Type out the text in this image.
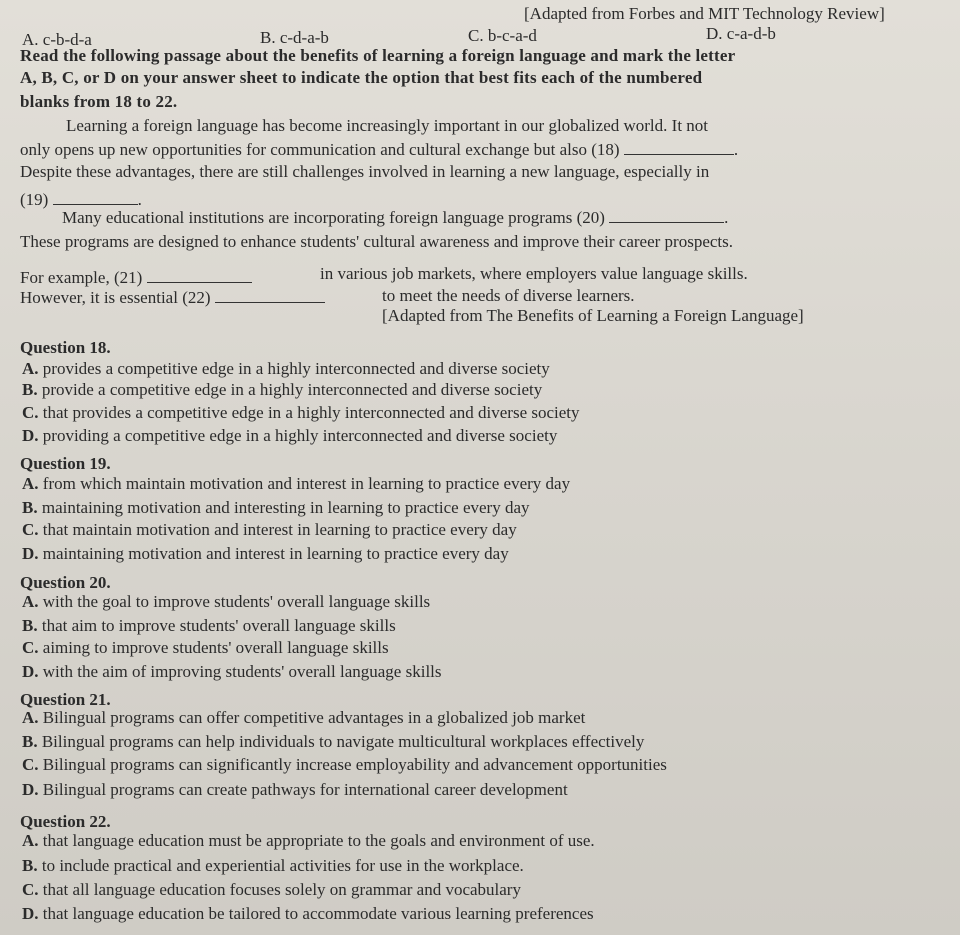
[Adapted from Forbes and MIT Technology Review]
A. c-b-d-a	B. c-d-a-b	C. b-c-a-d	D. c-a-d-b
Read the following passage about the benefits of learning a foreign language and mark the letter
A, B, C, or D on your answer sheet to indicate the option that best fits each of the numbered
blanks from 18 to 22.
Learning a foreign language has become increasingly important in our globalized world. It not
only opens up new opportunities for communication and cultural exchange but also (18)	.
Despite these advantages, there are still challenges involved in learning a new language, especially in
(19)	.
Many educational institutions are incorporating foreign language programs (20)	.
These programs are designed to enhance students' cultural awareness and improve their career prospects.
For example, (21)	in various job markets, where employers value language skills.
However, it is essential (22)	to meet the needs of diverse learners.
[Adapted from The Benefits of Learning a Foreign Language]
Question 18.
A. provides a competitive edge in a highly interconnected and diverse society
B. provide a competitive edge in a highly interconnected and diverse society
C. that provides a competitive edge in a highly interconnected and diverse society
D. providing a competitive edge in a highly interconnected and diverse society
Question 19.
A. from which maintain motivation and interest in learning to practice every day
B. maintaining motivation and interesting in learning to practice every day
C. that maintain motivation and interest in learning to practice every day
D. maintaining motivation and interest in learning to practice every day
Question 20.
A. with the goal to improve students' overall language skills
B. that aim to improve students' overall language skills
C. aiming to improve students' overall language skills
D. with the aim of improving students' overall language skills
Question 21.
A. Bilingual programs can offer competitive advantages in a globalized job market
B. Bilingual programs can help individuals to navigate multicultural workplaces effectively
C. Bilingual programs can significantly increase employability and advancement opportunities
D. Bilingual programs can create pathways for international career development
Question 22.
A. that language education must be appropriate to the goals and environment of use.
B. to include practical and experiential activities for use in the workplace.
C. that all language education focuses solely on grammar and vocabulary
D. that language education be tailored to accommodate various learning preferences
